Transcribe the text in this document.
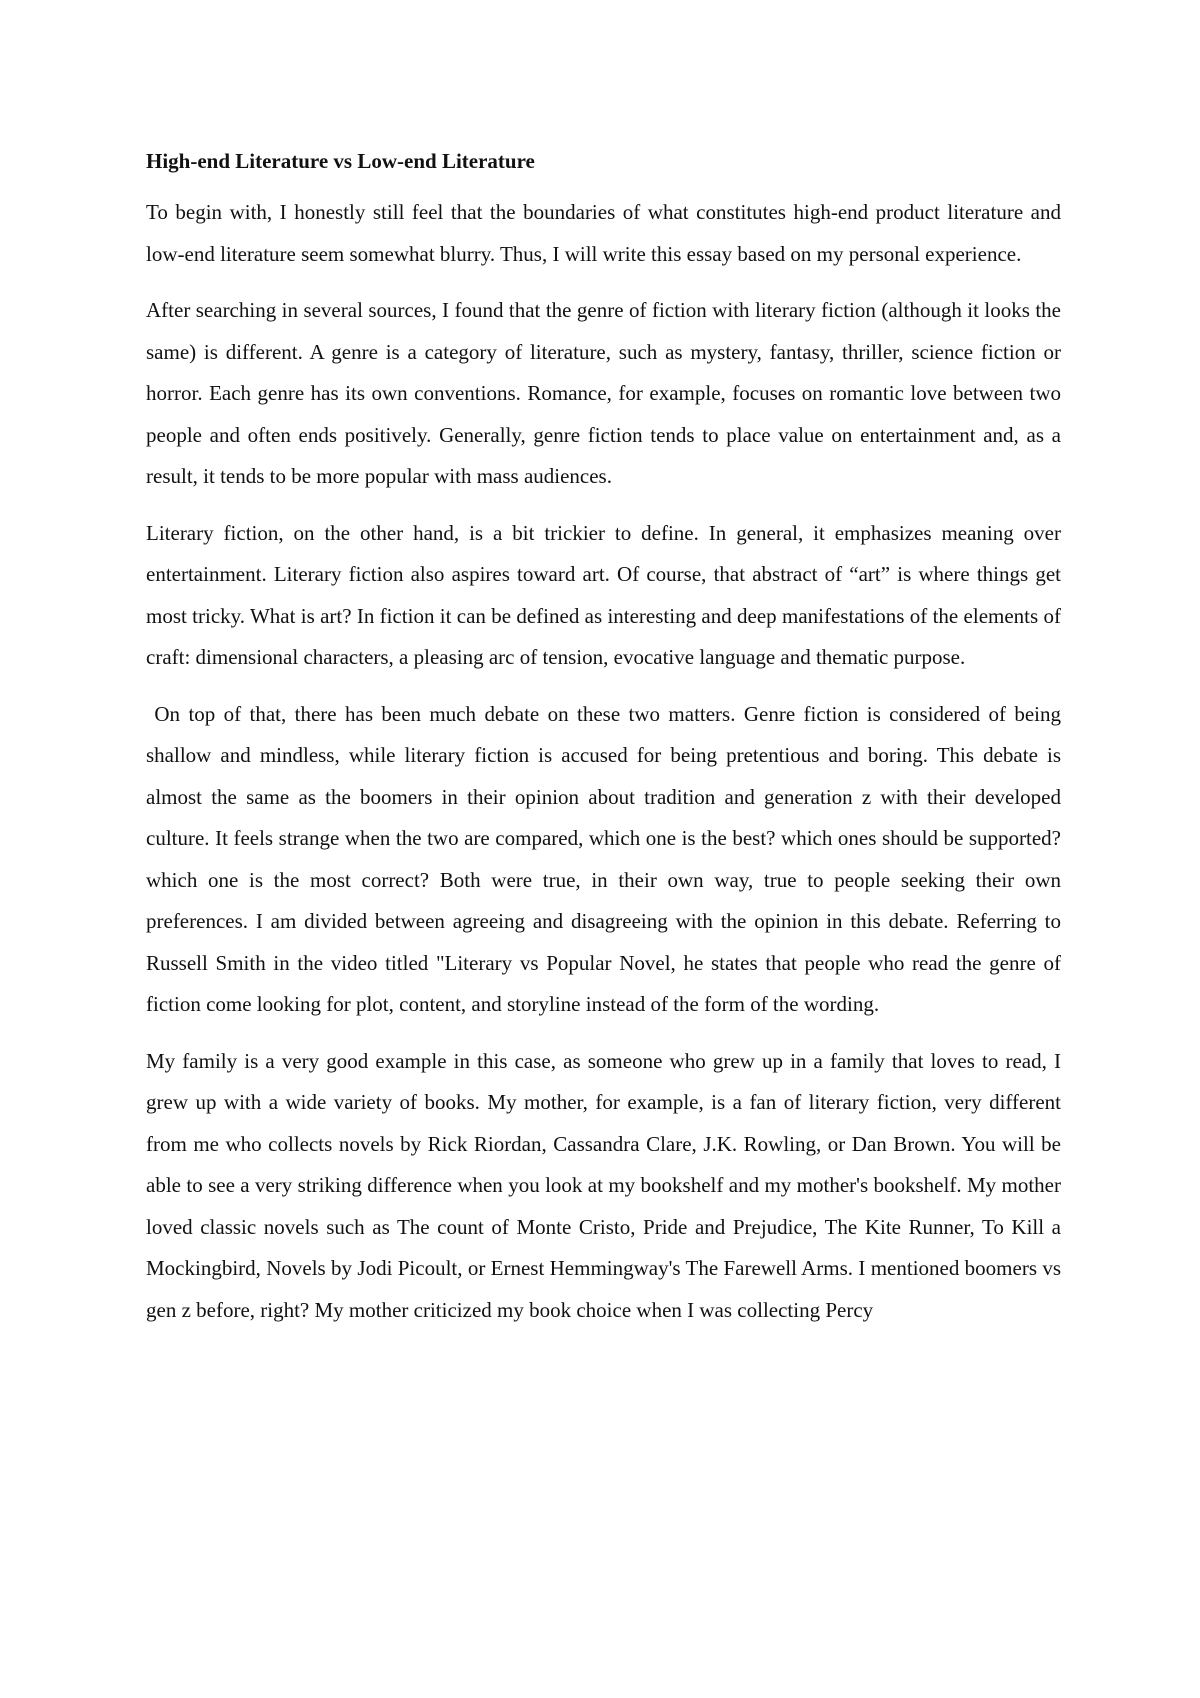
High-end Literature vs Low-end Literature

To begin with, I honestly still feel that the boundaries of what constitutes high-end product literature and low-end literature seem somewhat blurry. Thus, I will write this essay based on my personal experience.

After searching in several sources, I found that the genre of fiction with literary fiction (although it looks the same) is different. A genre is a category of literature, such as mystery, fantasy, thriller, science fiction or horror. Each genre has its own conventions. Romance, for example, focuses on romantic love between two people and often ends positively. Generally, genre fiction tends to place value on entertainment and, as a result, it tends to be more popular with mass audiences.

Literary fiction, on the other hand, is a bit trickier to define. In general, it emphasizes meaning over entertainment. Literary fiction also aspires toward art. Of course, that abstract of “art” is where things get most tricky. What is art? In fiction it can be defined as interesting and deep manifestations of the elements of craft: dimensional characters, a pleasing arc of tension, evocative language and thematic purpose.

On top of that, there has been much debate on these two matters. Genre fiction is considered of being shallow and mindless, while literary fiction is accused for being pretentious and boring. This debate is almost the same as the boomers in their opinion about tradition and generation z with their developed culture. It feels strange when the two are compared, which one is the best? which ones should be supported? which one is the most correct? Both were true, in their own way, true to people seeking their own preferences. I am divided between agreeing and disagreeing with the opinion in this debate. Referring to Russell Smith in the video titled "Literary vs Popular Novel, he states that people who read the genre of fiction come looking for plot, content, and storyline instead of the form of the wording.

My family is a very good example in this case, as someone who grew up in a family that loves to read, I grew up with a wide variety of books. My mother, for example, is a fan of literary fiction, very different from me who collects novels by Rick Riordan, Cassandra Clare, J.K. Rowling, or Dan Brown. You will be able to see a very striking difference when you look at my bookshelf and my mother's bookshelf. My mother loved classic novels such as The count of Monte Cristo, Pride and Prejudice, The Kite Runner, To Kill a Mockingbird, Novels by Jodi Picoult, or Ernest Hemmingway's The Farewell Arms. I mentioned boomers vs gen z before, right? My mother criticized my book choice when I was collecting Percy
